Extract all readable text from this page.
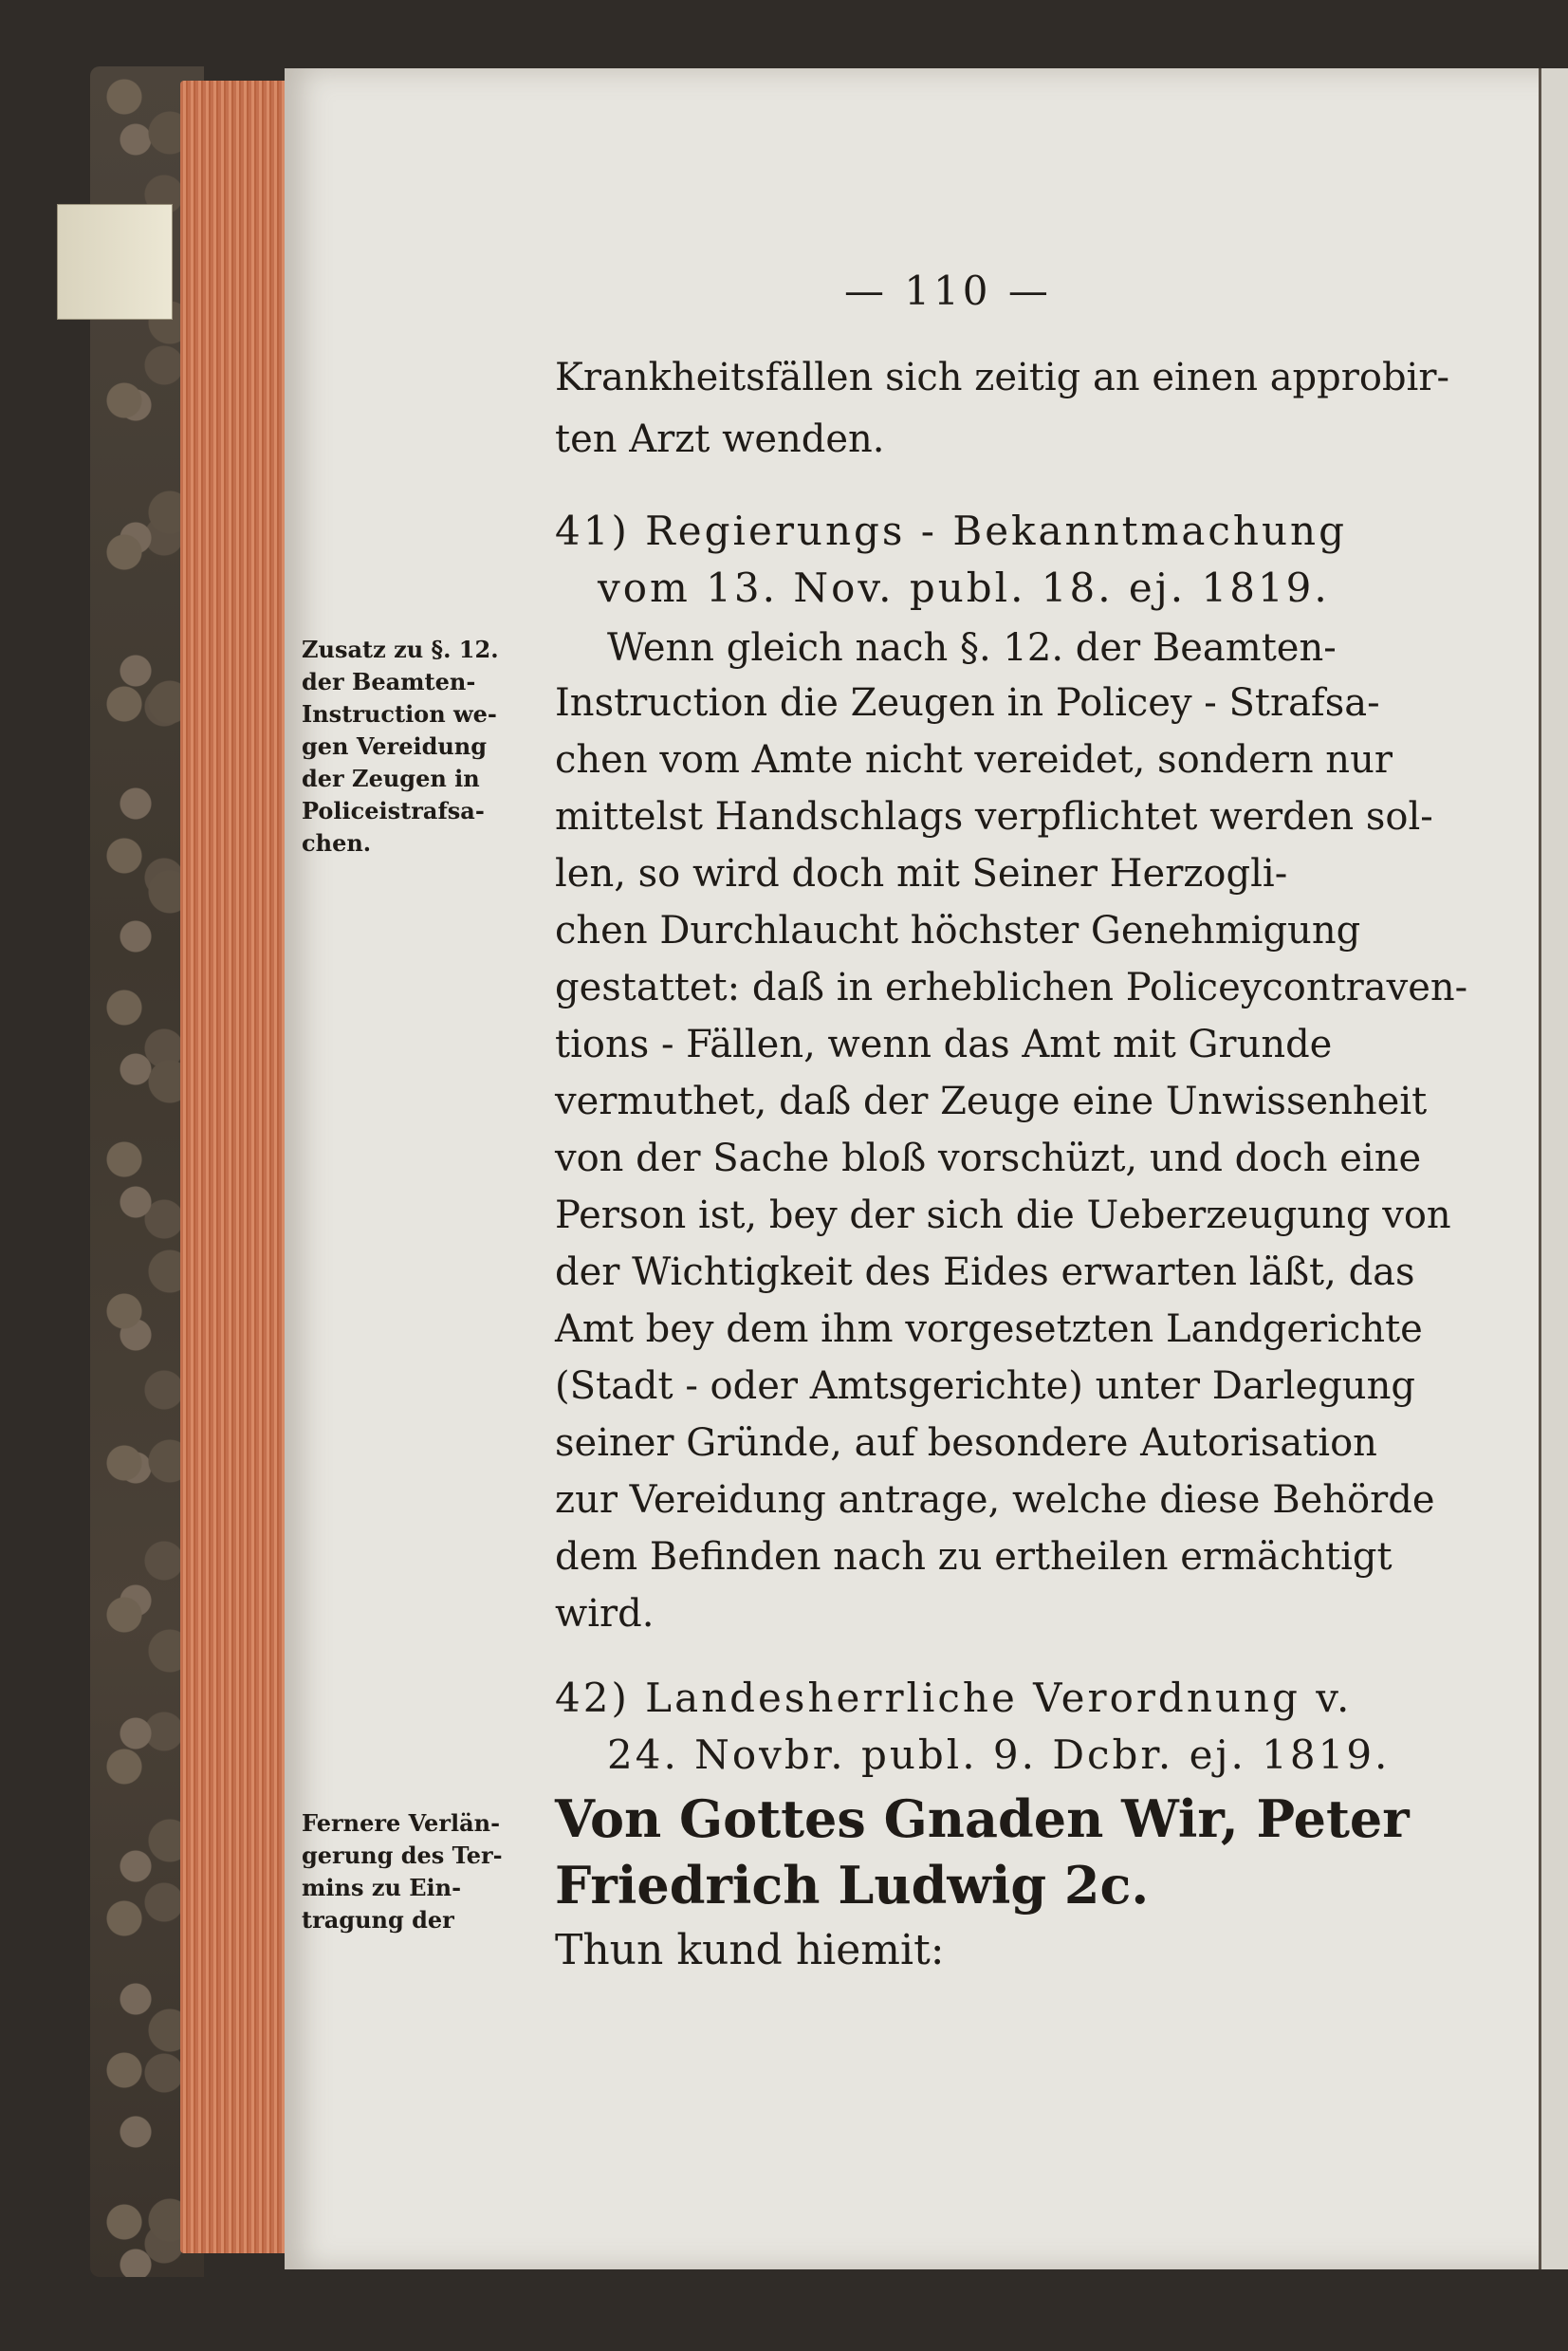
— 110 —
Krankheitsfällen sich zeitig an einen approbir-
ten Arzt wenden.
41) Regierungs - Bekanntmachung
vom 13. Nov. publ. 18. ej. 1819.
Zusatz zu §. 12.
der Beamten-
Instruction we-
gen Vereidung
der Zeugen in
Policeistrafsa-
chen.
Wenn gleich nach §. 12. der Beamten-
Instruction die Zeugen in Policey - Strafsa-
chen vom Amte nicht vereidet, sondern nur
mittelst Handschlags verpflichtet werden sol-
len, so wird doch mit Seiner Herzogli-
chen Durchlaucht höchster Genehmigung
gestattet: daß in erheblichen Policeycontraven-
tions - Fällen, wenn das Amt mit Grunde
vermuthet, daß der Zeuge eine Unwissenheit
von der Sache bloß vorschüzt, und doch eine
Person ist, bey der sich die Ueberzeugung von
der Wichtigkeit des Eides erwarten läßt, das
Amt bey dem ihm vorgesetzten Landgerichte
(Stadt - oder Amtsgerichte) unter Darlegung
seiner Gründe, auf besondere Autorisation
zur Vereidung antrage, welche diese Behörde
dem Befinden nach zu ertheilen ermächtigt
wird.
42) Landesherrliche Verordnung v.
24. Novbr. publ. 9. Dcbr. ej. 1819.
Fernere Verlän-
gerung des Ter-
mins zu Ein-
tragung der
Von Gottes Gnaden Wir, Peter
Friedrich Ludwig 2c.
Thun kund hiemit:
